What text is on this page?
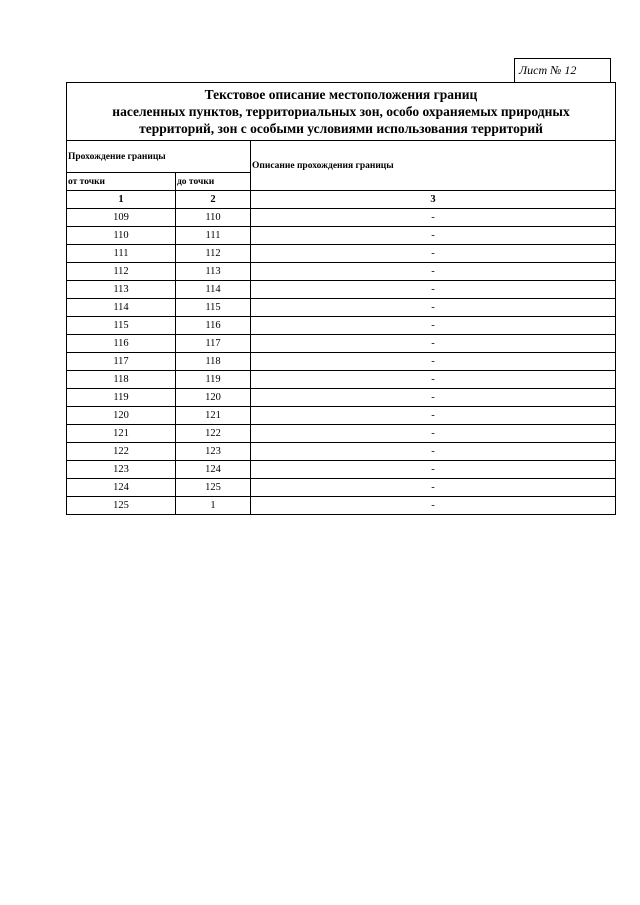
Лист № 12
Текстовое описание местоположения границ
населенных пунктов, территориальных зон, особо охраняемых природных
территорий, зон с особыми условиями использования территорий		

Прохождение границы		Описание прохождения границы
от точки	до точки	
1	2	3
109	110	-
110	111	-
111	112	-
112	113	-
113	114	-
114	115	-
115	116	-
116	117	-
117	118	-
118	119	-
119	120	-
120	121	-
121	122	-
122	123	-
123	124	-
124	125	-
125	1	-
